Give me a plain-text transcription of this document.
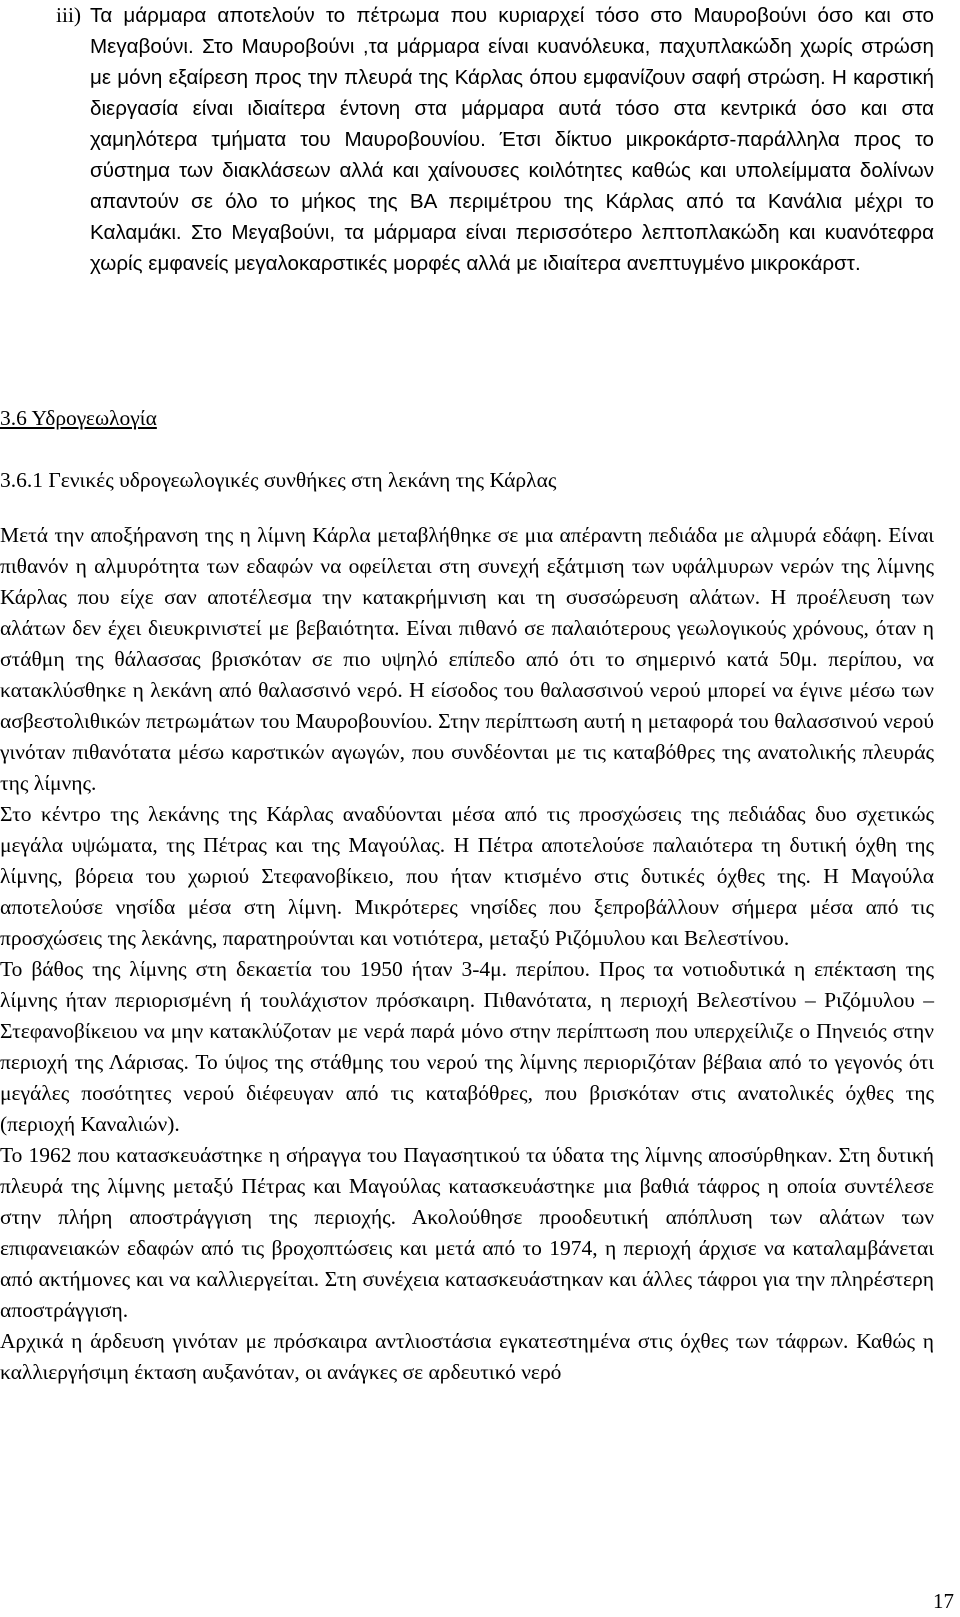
iii) Τα μάρμαρα αποτελούν το πέτρωμα που κυριαρχεί τόσο στο Μαυροβούνι όσο και στο Μεγαβούνι. Στο Μαυροβούνι ,τα μάρμαρα είναι κυανόλευκα, παχυπλακώδη χωρίς στρώση με μόνη εξαίρεση προς την πλευρά της Κάρλας όπου εμφανίζουν σαφή στρώση. Η καρστική διεργασία είναι ιδιαίτερα έντονη στα μάρμαρα αυτά τόσο στα κεντρικά όσο και στα χαμηλότερα τμήματα του Μαυροβουνίου. Έτσι δίκτυο μικροκάρτσ-παράλληλα προς το σύστημα των διακλάσεων αλλά και χαίνουσες κοιλότητες καθώς και υπολείμματα δολίνων απαντούν σε όλο το μήκος της ΒΑ περιμέτρου της Κάρλας από τα Κανάλια μέχρι το Καλαμάκι. Στο Μεγαβούνι, τα μάρμαρα είναι περισσότερο λεπτοπλακώδη και κυανότεφρα χωρίς εμφανείς μεγαλοκαρστικές μορφές αλλά με ιδιαίτερα ανεπτυγμένο μικροκάρστ.
3.6 Υδρογεωλογία
3.6.1 Γενικές υδρογεωλογικές συνθήκες στη λεκάνη της Κάρλας

Μετά την αποξήρανση της η λίμνη Κάρλα μεταβλήθηκε σε μια απέραντη πεδιάδα με αλμυρά εδάφη. Είναι πιθανόν η αλμυρότητα των εδαφών να οφείλεται στη συνεχή εξάτμιση των υφάλμυρων νερών της λίμνης Κάρλας που είχε σαν αποτέλεσμα την κατακρήμνιση και τη συσσώρευση αλάτων. Η προέλευση των αλάτων δεν έχει διευκρινιστεί με βεβαιότητα. Είναι πιθανό σε παλαιότερους γεωλογικούς χρόνους, όταν η στάθμη της θάλασσας βρισκόταν σε πιο υψηλό επίπεδο από ότι το σημερινό κατά 50μ. περίπου, να κατακλύσθηκε η λεκάνη από θαλασσινό νερό. Η είσοδος του θαλασσινού νερού μπορεί να έγινε μέσω των ασβεστολιθικών πετρωμάτων του Μαυροβουνίου. Στην περίπτωση αυτή η μεταφορά του θαλασσινού νερού γινόταν πιθανότατα μέσω καρστικών αγωγών, που συνδέονται με τις καταβόθρες της ανατολικής πλευράς της λίμνης.

Στο κέντρο της λεκάνης της Κάρλας αναδύονται μέσα από τις προσχώσεις της πεδιάδας δυο σχετικώς μεγάλα υψώματα, της Πέτρας και της Μαγούλας. Η Πέτρα αποτελούσε παλαιότερα τη δυτική όχθη της λίμνης, βόρεια του χωριού Στεφανοβίκειο, που ήταν κτισμένο στις δυτικές όχθες της. Η Μαγούλα αποτελούσε νησίδα μέσα στη λίμνη. Μικρότερες νησίδες που ξεπροβάλλουν σήμερα μέσα από τις προσχώσεις της λεκάνης, παρατηρούνται και νοτιότερα, μεταξύ Ριζόμυλου και Βελεστίνου.

Το βάθος της λίμνης στη δεκαετία του 1950 ήταν 3-4μ. περίπου. Προς τα νοτιοδυτικά η επέκταση της λίμνης ήταν περιορισμένη ή τουλάχιστον πρόσκαιρη. Πιθανότατα, η περιοχή Βελεστίνου – Ριζόμυλου – Στεφανοβίκειου να μην κατακλύζοταν με νερά παρά μόνο στην περίπτωση που υπερχείλιζε ο Πηνειός στην περιοχή της Λάρισας. Το ύψος της στάθμης του νερού της λίμνης περιοριζόταν βέβαια από το γεγονός ότι μεγάλες ποσότητες νερού διέφευγαν από τις καταβόθρες, που βρισκόταν στις ανατολικές όχθες της (περιοχή Καναλιών).

Το 1962 που κατασκευάστηκε η σήραγγα του Παγασητικού τα ύδατα της λίμνης αποσύρθηκαν. Στη δυτική πλευρά της λίμνης μεταξύ Πέτρας και Μαγούλας κατασκευάστηκε μια βαθιά τάφρος η οποία συντέλεσε στην πλήρη αποστράγγιση της περιοχής. Ακολούθησε προοδευτική απόπλυση των αλάτων των επιφανειακών εδαφών από τις βροχοπτώσεις και μετά από το 1974, η περιοχή άρχισε να καταλαμβάνεται από ακτήμονες και να καλλιεργείται. Στη συνέχεια κατασκευάστηκαν και άλλες τάφροι για την πληρέστερη αποστράγγιση.

Αρχικά η άρδευση γινόταν με πρόσκαιρα αντλιοστάσια εγκατεστημένα στις όχθες των τάφρων. Καθώς η καλλιεργήσιμη έκταση αυξανόταν, οι ανάγκες σε αρδευτικό νερό

17
